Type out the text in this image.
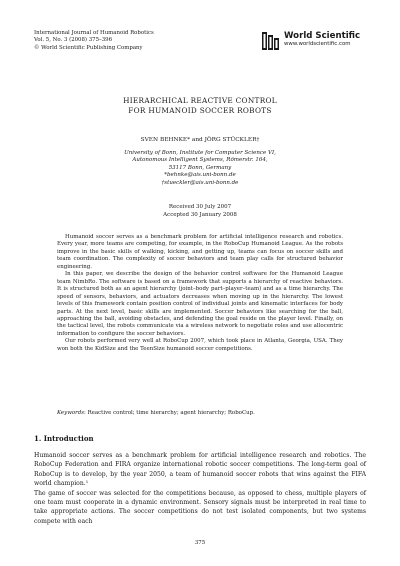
International Journal of Humanoid Robotics
Vol. 5, No. 3 (2008) 375–396
© World Scientific Publishing Company
World Scientific
www.worldscientific.com
HIERARCHICAL REACTIVE CONTROL
FOR HUMANOID SOCCER ROBOTS
SVEN BEHNKE* and JÖRG STÜCKLER†
University of Bonn, Institute for Computer Science VI,
Autonomous Intelligent Systems, Römerstr. 164,
53117 Bonn, Germany
*behnke@ais.uni-bonn.de
†stueckler@ais.uni-bonn.de
Received 30 July 2007
Accepted 30 January 2008

Humanoid soccer serves as a benchmark problem for artificial intelligence research and robotics. Every year, more teams are competing, for example, in the RoboCup Humanoid League. As the robots improve in the basic skills of walking, kicking, and getting up, teams can focus on soccer skills and team coordination. The complexity of soccer behaviors and team play calls for structured behavior engineering.

In this paper, we describe the design of the behavior control software for the Humanoid League team NimbRo. The software is based on a framework that supports a hierarchy of reactive behaviors. It is structured both as an agent hierarchy (joint–body part–player–team) and as a time hierarchy. The speed of sensors, behaviors, and actuators decreases when moving up in the hierarchy. The lowest levels of this framework contain position control of individual joints and kinematic interfaces for body parts. At the next level, basic skills are implemented. Soccer behaviors like searching for the ball, approaching the ball, avoiding obstacles, and defending the goal reside on the player level. Finally, on the tactical level, the robots communicate via a wireless network to negotiate roles and use allocentric information to configure the soccer behaviors.

Our robots performed very well at RoboCup 2007, which took place in Atlanta, Georgia, USA. They won both the KidSize and the TeenSize humanoid soccer competitions.

Keywords: Reactive control; time hierarchy; agent hierarchy; RoboCup.
1. Introduction

Humanoid soccer serves as a benchmark problem for artificial intelligence research and robotics. The RoboCup Federation and FIRA organize international robotic soccer competitions. The long-term goal of RoboCup is to develop, by the year 2050, a team of humanoid soccer robots that wins against the FIFA world champion.¹

The game of soccer was selected for the competitions because, as opposed to chess, multiple players of one team must cooperate in a dynamic environment. Sensory signals must be interpreted in real time to take appropriate actions. The soccer competitions do not test isolated components, but two systems compete with each

375
